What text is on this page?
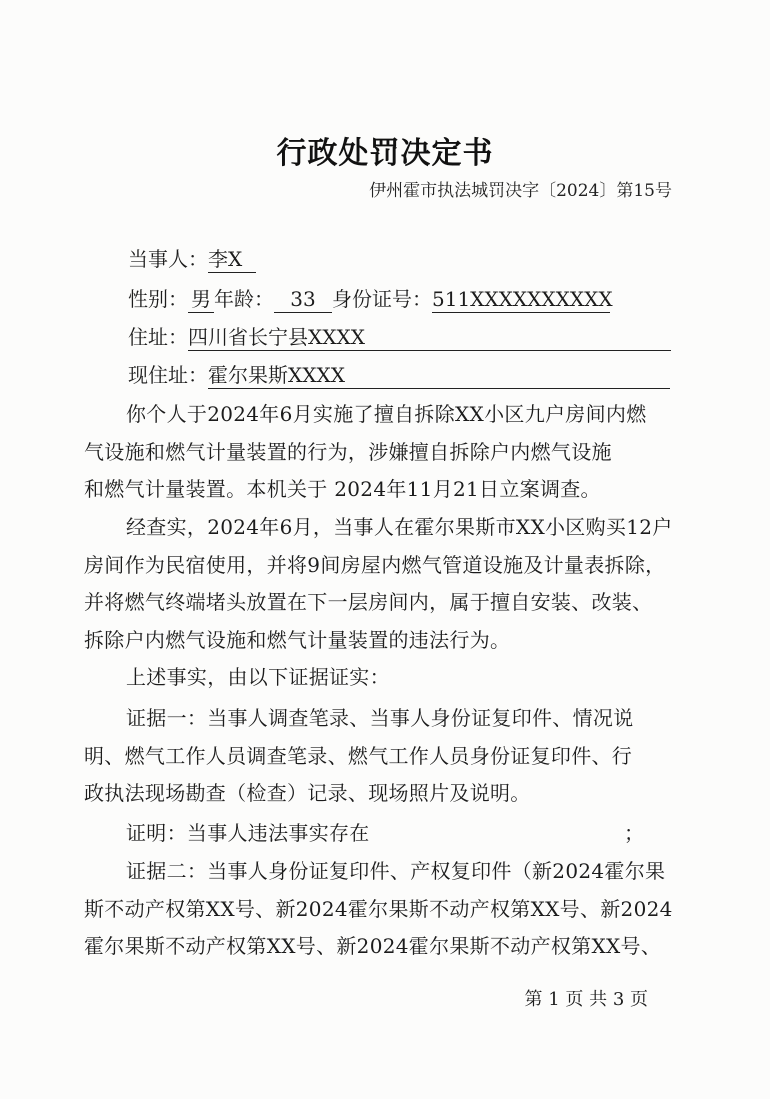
行政处罚决定书
伊州霍市执法城罚决字〔2024〕第15号
当事人：李X
性别： 男 年龄： 33 身份证号：511XXXXXXXXXX
住址：四川省长宁县XXXX
现住址：霍尔果斯XXXX
你个人于2024年6月实施了擅自拆除XX小区九户房间内燃
气设施和燃气计量装置的行为，涉嫌擅自拆除户内燃气设施
和燃气计量装置。本机关于 2024年11月21日立案调查。
经查实，2024年6月，当事人在霍尔果斯市XX小区购买12户
房间作为民宿使用，并将9间房屋内燃气管道设施及计量表拆除，
并将燃气终端堵头放置在下一层房间内，属于擅自安装、改装、
拆除户内燃气设施和燃气计量装置的违法行为。
上述事实，由以下证据证实：
证据一：当事人调查笔录、当事人身份证复印件、情况说
明、燃气工作人员调查笔录、燃气工作人员身份证复印件、行
政执法现场勘查（检查）记录、现场照片及说明。
证明：当事人违法事实存在	；
证据二：当事人身份证复印件、产权复印件（新2024霍尔果
斯不动产权第XX号、新2024霍尔果斯不动产权第XX号、新2024
霍尔果斯不动产权第XX号、新2024霍尔果斯不动产权第XX号、
第 1 页 共 3 页
